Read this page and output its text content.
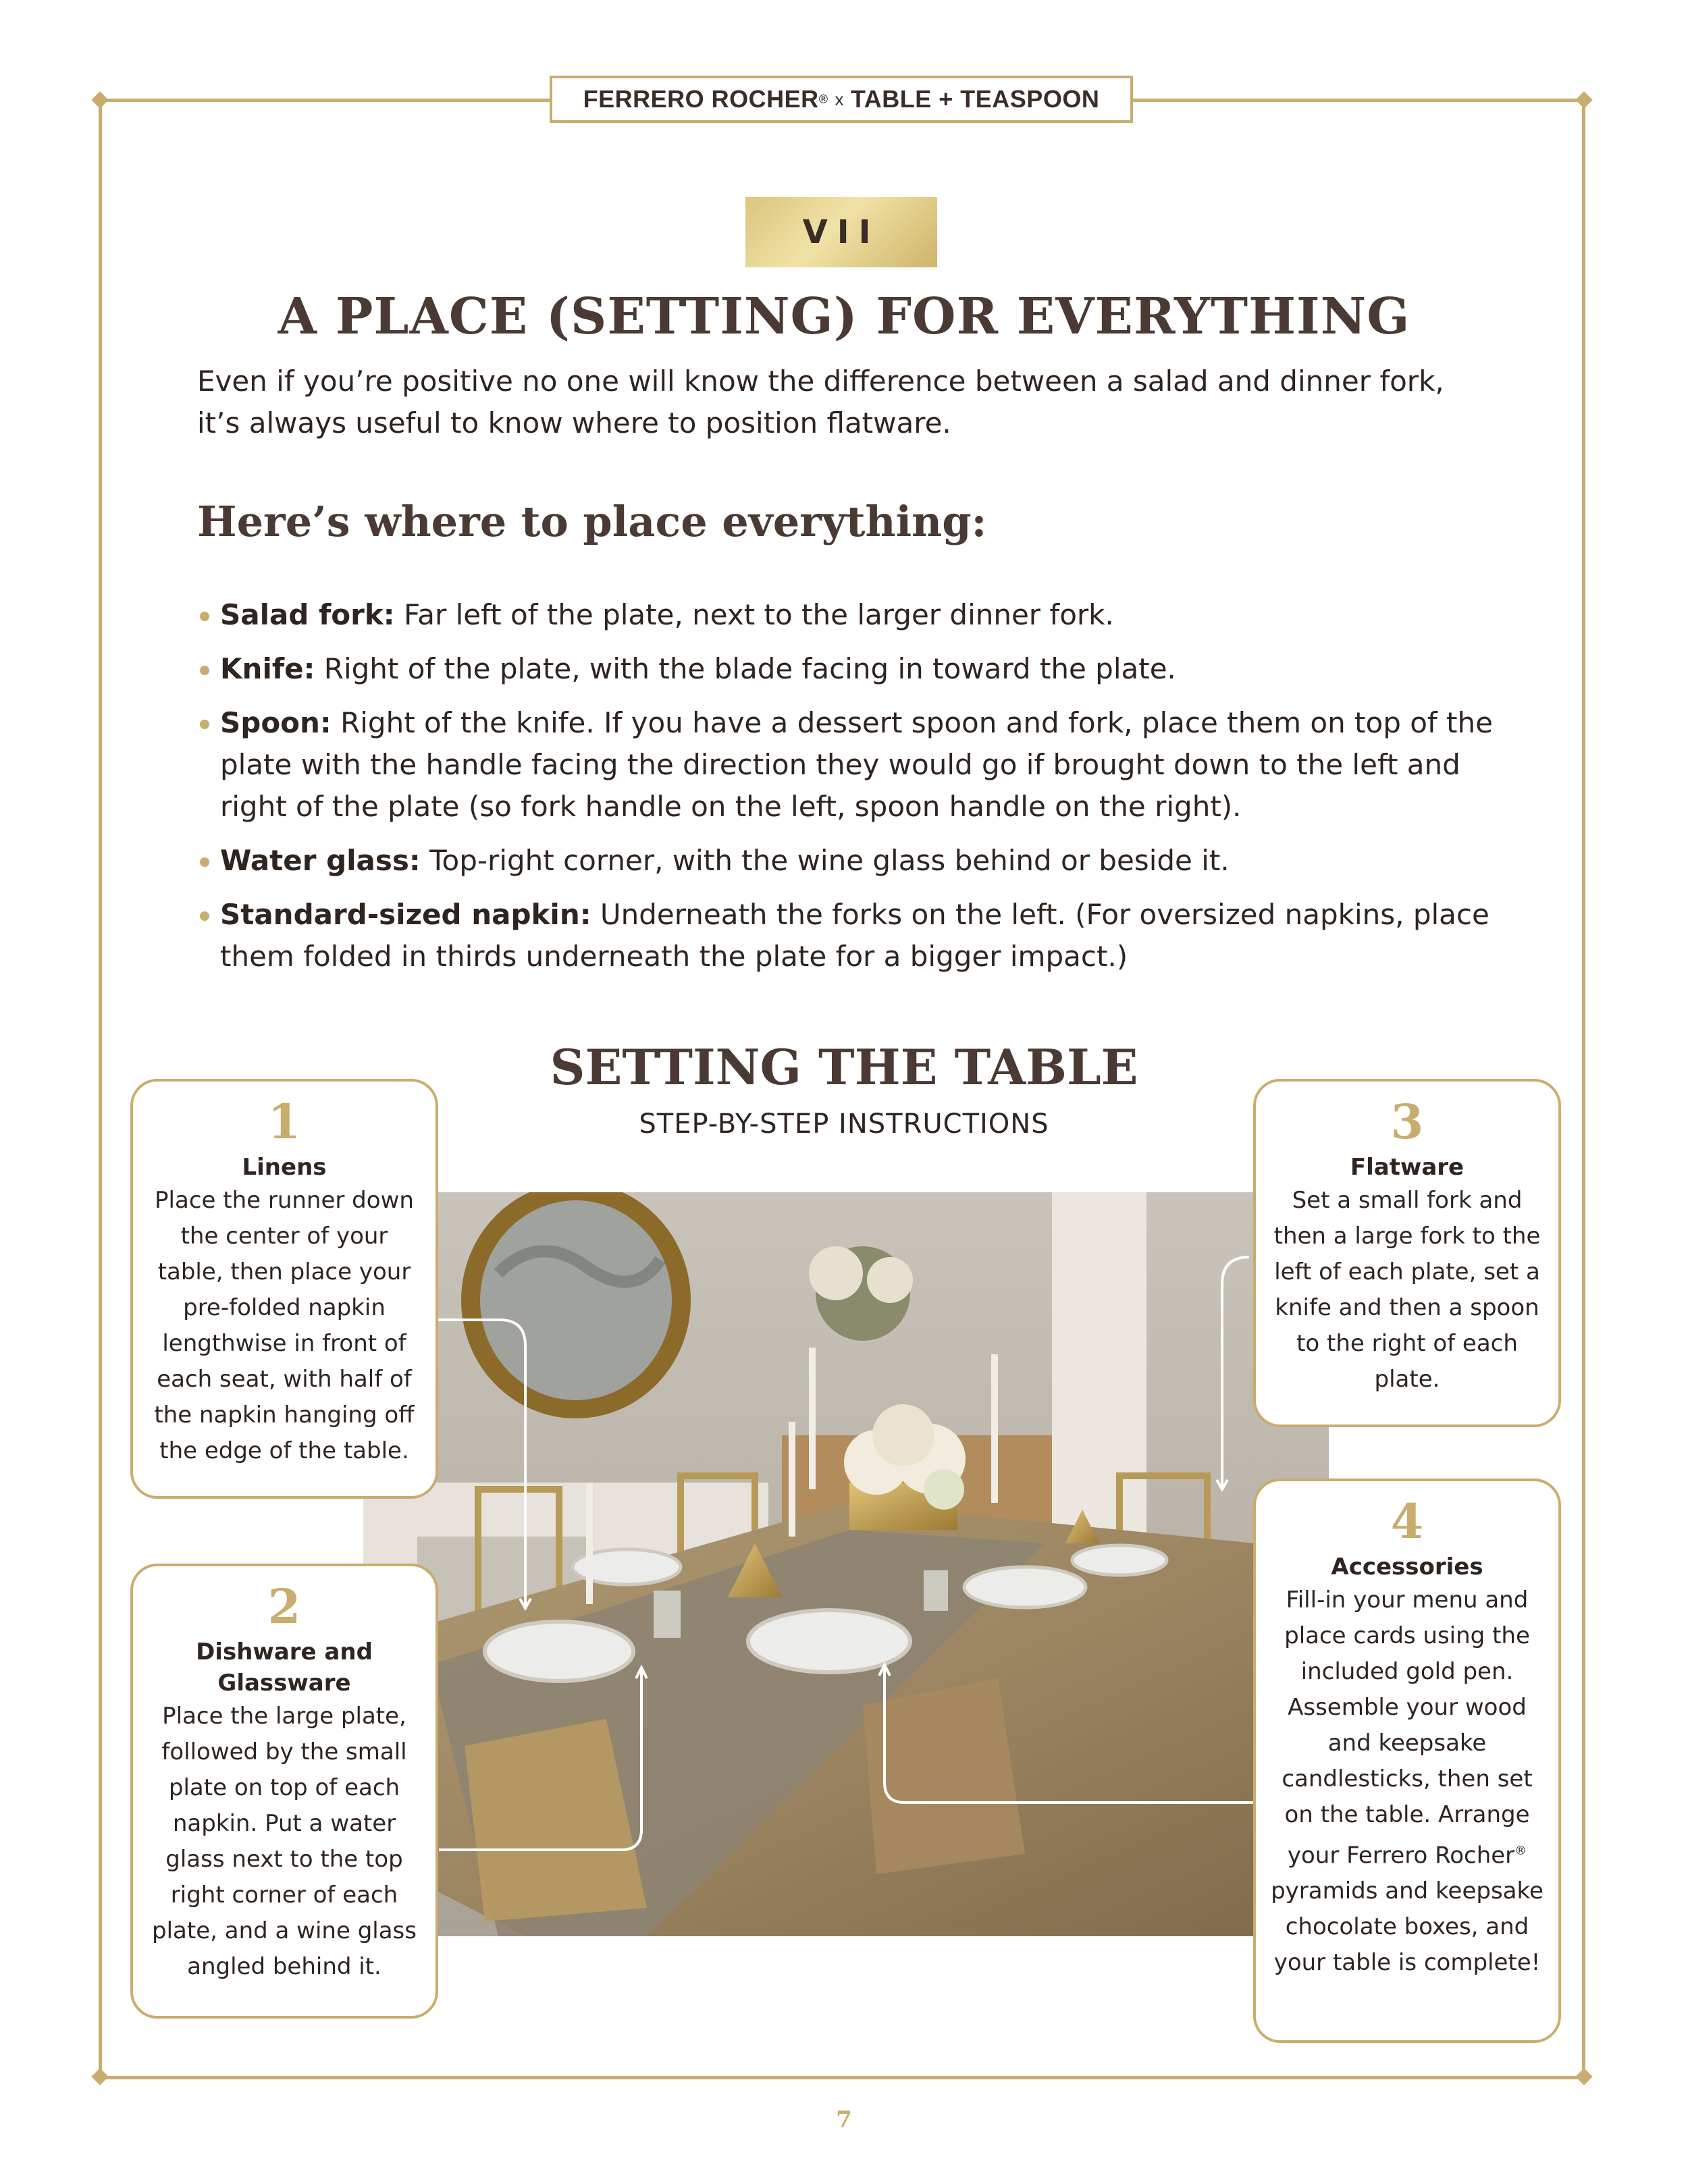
FERRERO ROCHER ® x TABLE + TEASPOON
VII
A PLACE (SETTING) FOR EVERYTHING

Even if you’re positive no one will know the difference between a salad and dinner fork, it’s always useful to know where to position flatware.

Here’s where to place everything:
Salad fork: Far left of the plate, next to the larger dinner fork.
Knife: Right of the plate, with the blade facing in toward the plate.
Spoon: Right of the knife. If you have a dessert spoon and fork, place them on top of the plate with the handle facing the direction they would go if brought down to the left and right of the plate (so fork handle on the left, spoon handle on the right).
Water glass: Top-right corner, with the wine glass behind or beside it.
Standard-sized napkin: Underneath the forks on the left. (For oversized napkins, place them folded in thirds underneath the plate for a bigger impact.)
SETTING THE TABLE

STEP-BY-STEP INSTRUCTIONS

1
Linens
Place the runner down the center of your table, then place your pre-folded napkin lengthwise in front of each seat, with half of the napkin hanging off the edge of the table.
2
Dishware and Glassware
Place the large plate, followed by the small plate on top of each napkin. Put a water glass next to the top right corner of each plate, and a wine glass angled behind it.
3
Flatware
Set a small fork and then a large fork to the left of each plate, set a knife and then a spoon to the right of each plate.
4
Accessories
Fill-in your menu and place cards using the included gold pen. Assemble your wood and keepsake candlesticks, then set on the table. Arrange your Ferrero Rocher® pyramids and keepsake chocolate boxes, and your table is complete!
7
